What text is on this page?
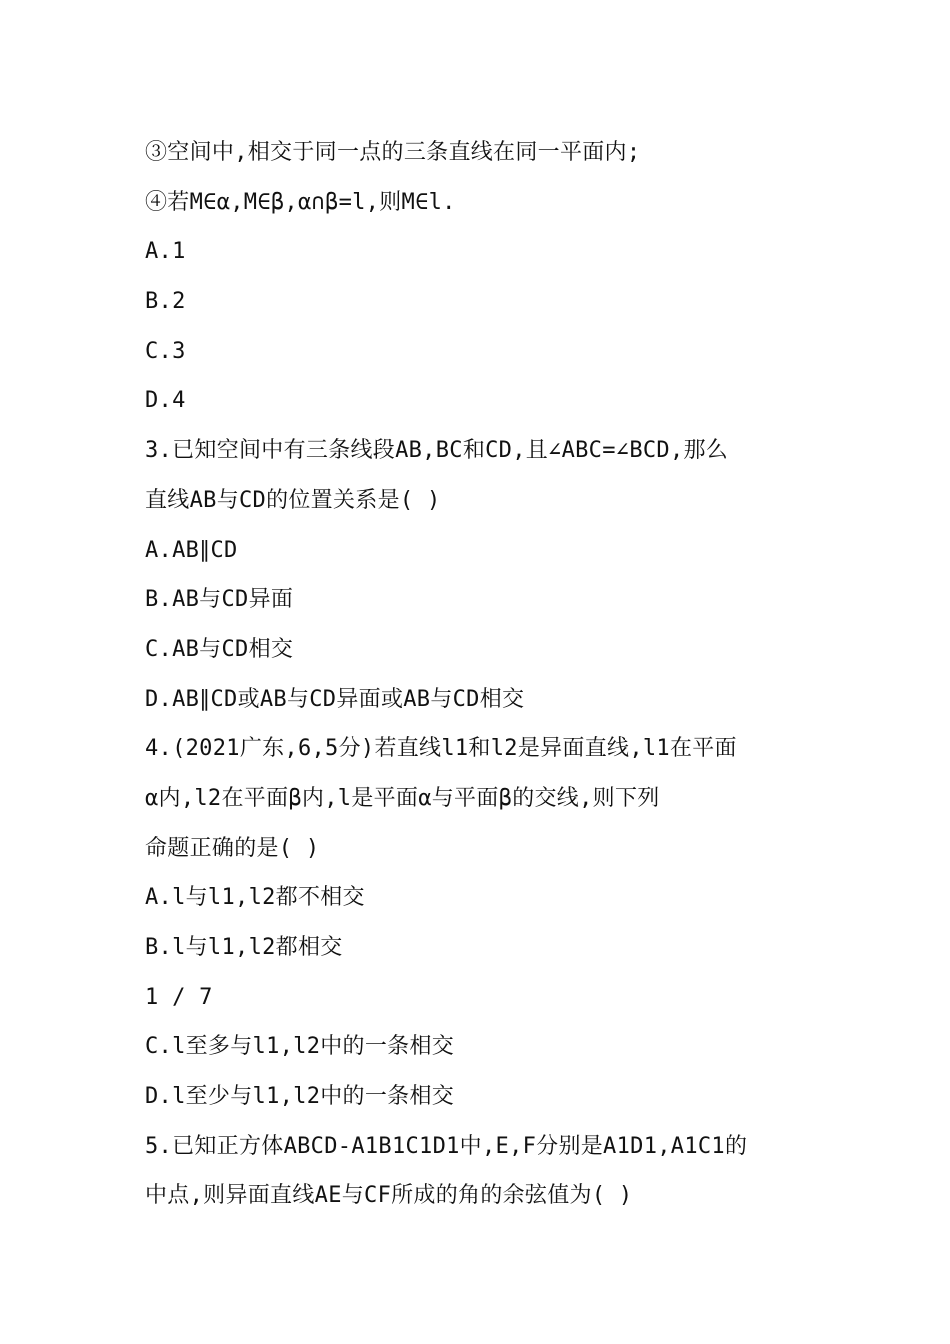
③空间中,相交于同一点的三条直线在同一平面内;
④若M∈α,M∈β,α∩β=l,则M∈l.
A.1
B.2
C.3
D.4
3.已知空间中有三条线段AB,BC和CD,且∠ABC=∠BCD,那么
直线AB与CD的位置关系是( )
A.AB∥CD
B.AB与CD异面
C.AB与CD相交
D.AB∥CD或AB与CD异面或AB与CD相交
4.(2021广东,6,5分)若直线l1和l2是异面直线,l1在平面
α内,l2在平面β内,l是平面α与平面β的交线,则下列
命题正确的是( )
A.l与l1,l2都不相交
B.l与l1,l2都相交
1 / 7
C.l至多与l1,l2中的一条相交
D.l至少与l1,l2中的一条相交
5.已知正方体ABCD-A1B1C1D1中,E,F分别是A1D1,A1C1的
中点,则异面直线AE与CF所成的角的余弦值为( )
